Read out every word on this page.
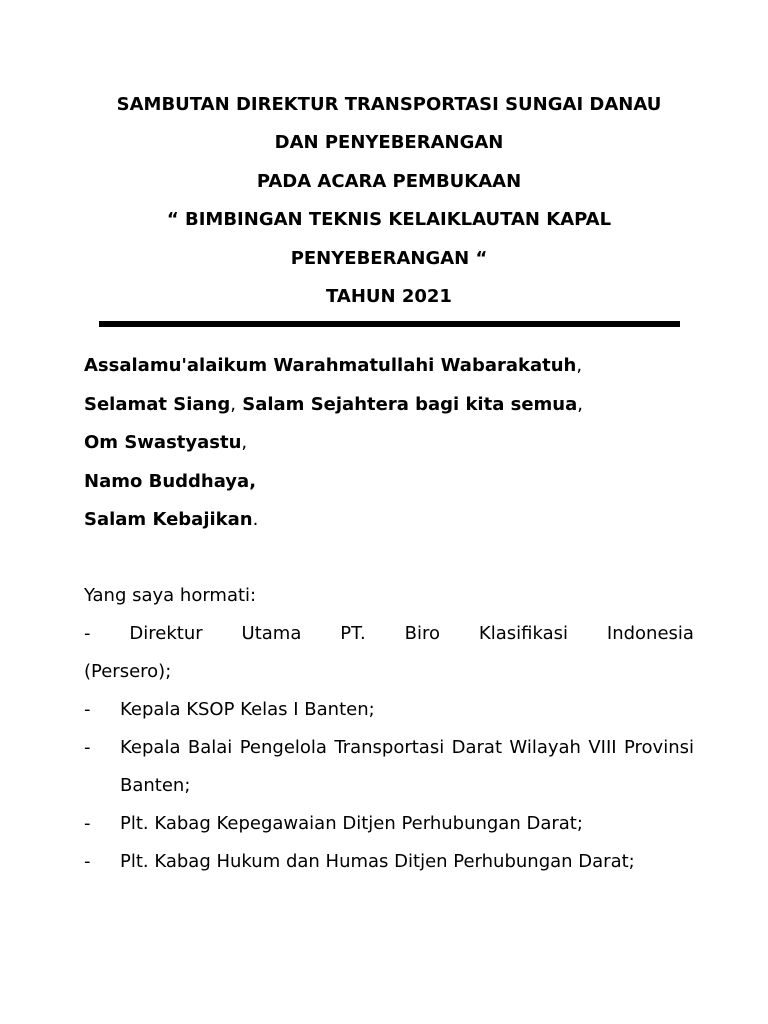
SAMBUTAN DIREKTUR TRANSPORTASI SUNGAI DANAU
DAN PENYEBERANGAN
PADA ACARA PEMBUKAAN
“ BIMBINGAN TEKNIS KELAIKLAUTAN KAPAL
PENYEBERANGAN “
TAHUN 2021
Assalamu'alaikum Warahmatullahi Wabarakatuh,
Selamat Siang, Salam Sejahtera bagi kita semua,
Om Swastyastu,
Namo Buddhaya,
Salam Kebajikan.
Yang saya hormati:
- Direktur Utama PT. Biro Klasifikasi Indonesia
(Persero);
- Kepala KSOP Kelas I Banten;
- Kepala Balai Pengelola Transportasi Darat Wilayah VIII Provinsi Banten;
- Plt. Kabag Kepegawaian Ditjen Perhubungan Darat;
- Plt. Kabag Hukum dan Humas Ditjen Perhubungan Darat;
